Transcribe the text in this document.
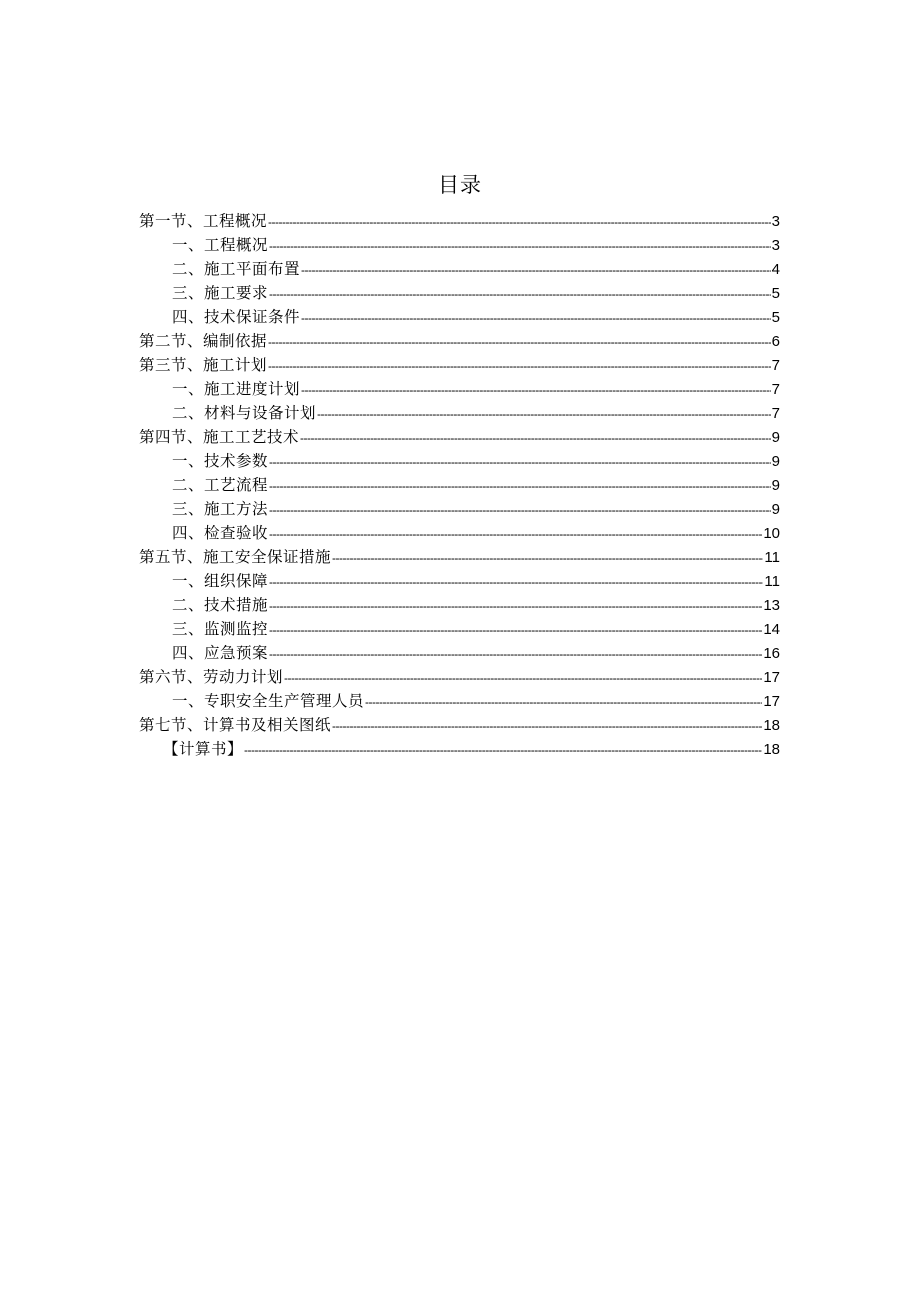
目录
第一节、工程概况 -----	3
一、工程概况 -----	3
二、施工平面布置 -----	4
三、施工要求 -----	5
四、技术保证条件 -----	5
第二节、编制依据 -----	6
第三节、施工计划 -----	7
一、施工进度计划 -----	7
二、材料与设备计划 -----	7
第四节、施工工艺技术 -----	9
一、技术参数 -----	9
二、工艺流程 -----	9
三、施工方法 -----	9
四、检查验收 -----	10
第五节、施工安全保证措施 -----	11
一、组织保障 -----	11
二、技术措施 -----	13
三、监测监控 -----	14
四、应急预案 -----	16
第六节、劳动力计划 -----	17
一、专职安全生产管理人员 -----	17
第七节、计算书及相关图纸 -----	18
【计算书】 -----	18
